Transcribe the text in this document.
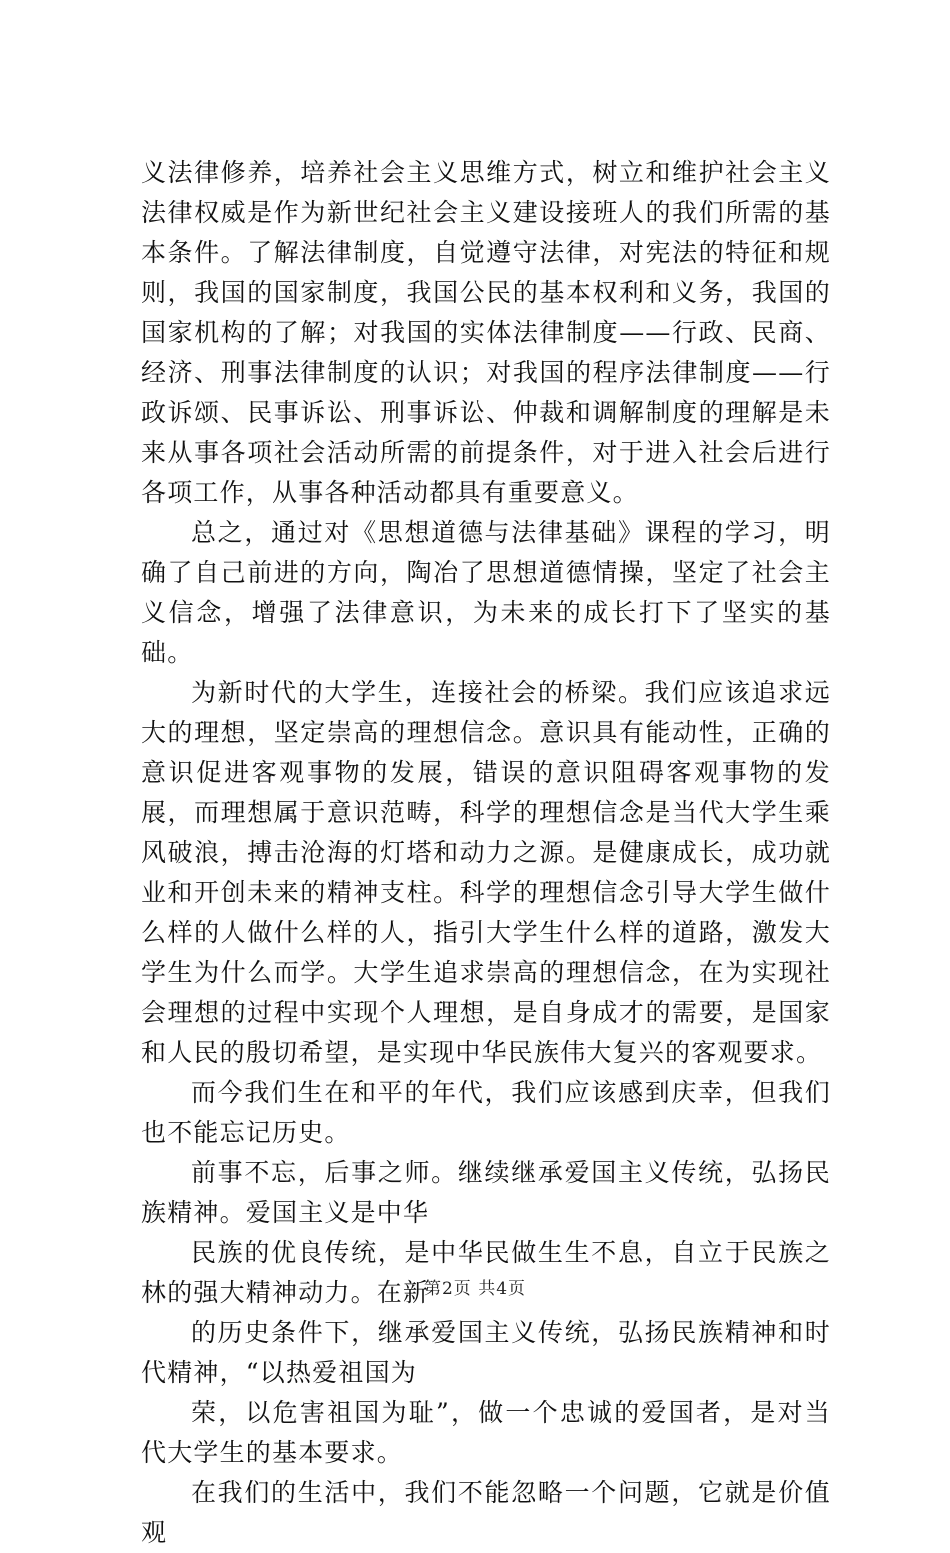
义法律修养，培养社会主义思维方式，树立和维护社会主义法律权威是作为新世纪社会主义建设接班人的我们所需的基本条件。了解法律制度，自觉遵守法律，对宪法的特征和规则，我国的国家制度，我国公民的基本权利和义务，我国的国家机构的了解；对我国的实体法律制度——行政、民商、经济、刑事法律制度的认识；对我国的程序法律制度——行政诉颂、民事诉讼、刑事诉讼、仲裁和调解制度的理解是未来从事各项社会活动所需的前提条件，对于进入社会后进行各项工作，从事各种活动都具有重要意义。

总之，通过对《思想道德与法律基础》课程的学习，明确了自己前进的方向，陶冶了思想道德情操，坚定了社会主义信念，增强了法律意识，为未来的成长打下了坚实的基础。

为新时代的大学生，连接社会的桥梁。我们应该追求远大的理想，坚定崇高的理想信念。意识具有能动性，正确的意识促进客观事物的发展，错误的意识阻碍客观事物的发展，而理想属于意识范畴，科学的理想信念是当代大学生乘风破浪，搏击沧海的灯塔和动力之源。是健康成长，成功就业和开创未来的精神支柱。科学的理想信念引导大学生做什么样的人做什么样的人，指引大学生什么样的道路，激发大学生为什么而学。大学生追求崇高的理想信念，在为实现社会理想的过程中实现个人理想，是自身成才的需要，是国家和人民的殷切希望，是实现中华民族伟大复兴的客观要求。

而今我们生在和平的年代，我们应该感到庆幸，但我们也不能忘记历史。

前事不忘，后事之师。继续继承爱国主义传统，弘扬民族精神。爱国主义是中华

民族的优良传统，是中华民做生生不息，自立于民族之林的强大精神动力。在新

的历史条件下，继承爱国主义传统，弘扬民族精神和时代精神，“以热爱祖国为

荣，以危害祖国为耻”，做一个忠诚的爱国者，是对当代大学生的基本要求。

在我们的生活中，我们不能忽略一个问题，它就是价值观

第2页 共4页
